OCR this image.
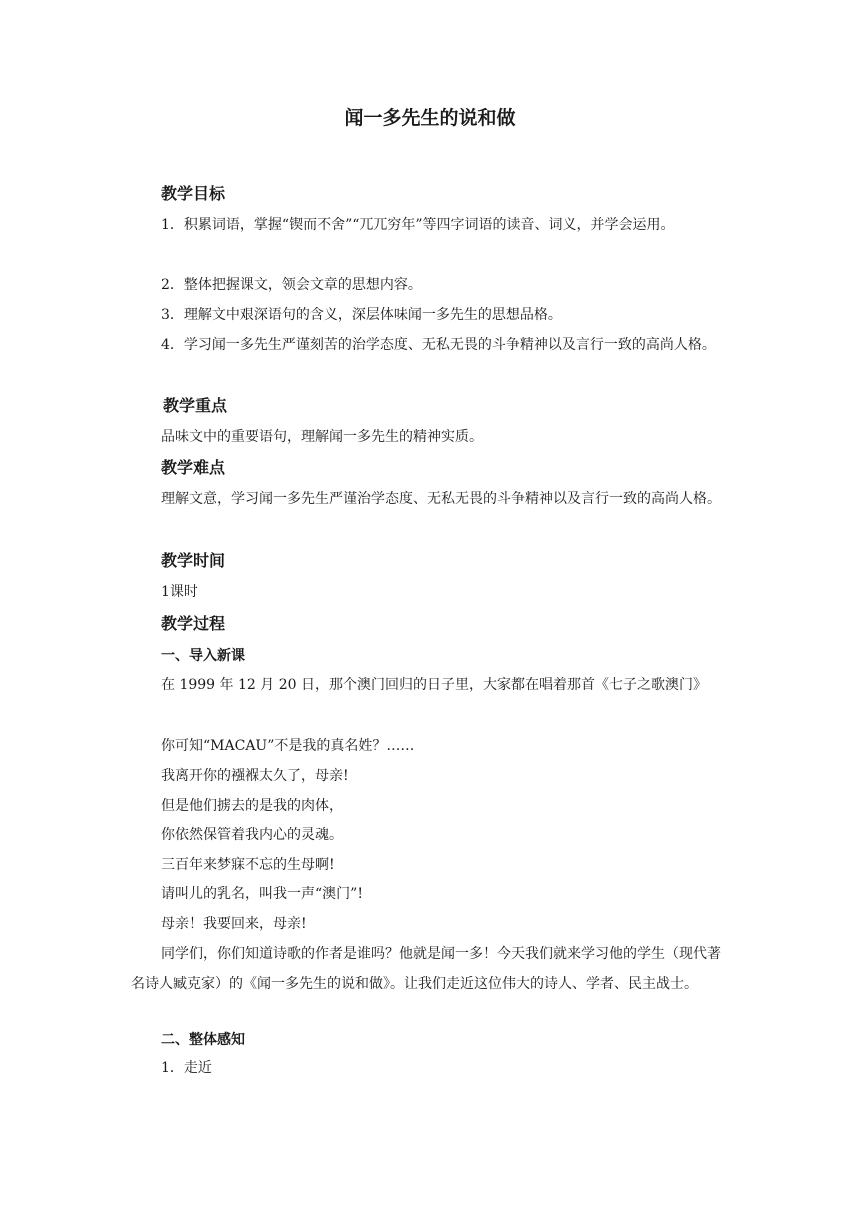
闻一多先生的说和做
教学目标
1．积累词语，掌握“锲而不舍”“兀兀穷年”等四字词语的读音、词义，并学会运用。
2．整体把握课文，领会文章的思想内容。
3．理解文中艰深语句的含义，深层体味闻一多先生的思想品格。
4．学习闻一多先生严谨刻苦的治学态度、无私无畏的斗争精神以及言行一致的高尚人格。
教学重点
品味文中的重要语句，理解闻一多先生的精神实质。
教学难点
理解文意，学习闻一多先生严谨治学态度、无私无畏的斗争精神以及言行一致的高尚人格。
教学时间
1课时
教学过程
一、导入新课
在 1999 年 12 月 20 日，那个澳门回归的日子里，大家都在唱着那首《七子之歌澳门》
你可知“MACAU”不是我的真名姓？……
我离开你的襁褓太久了，母亲!
但是他们掳去的是我的肉体，
你依然保管着我内心的灵魂。
三百年来梦寐不忘的生母啊!
请叫儿的乳名，叫我一声“澳门”!
母亲！我要回来，母亲!
同学们，你们知道诗歌的作者是谁吗？他就是闻一多！今天我们就来学习他的学生（现代著名诗人臧克家）的《闻一多先生的说和做》。让我们走近这位伟大的诗人、学者、民主战士。
二、整体感知
1．走近
